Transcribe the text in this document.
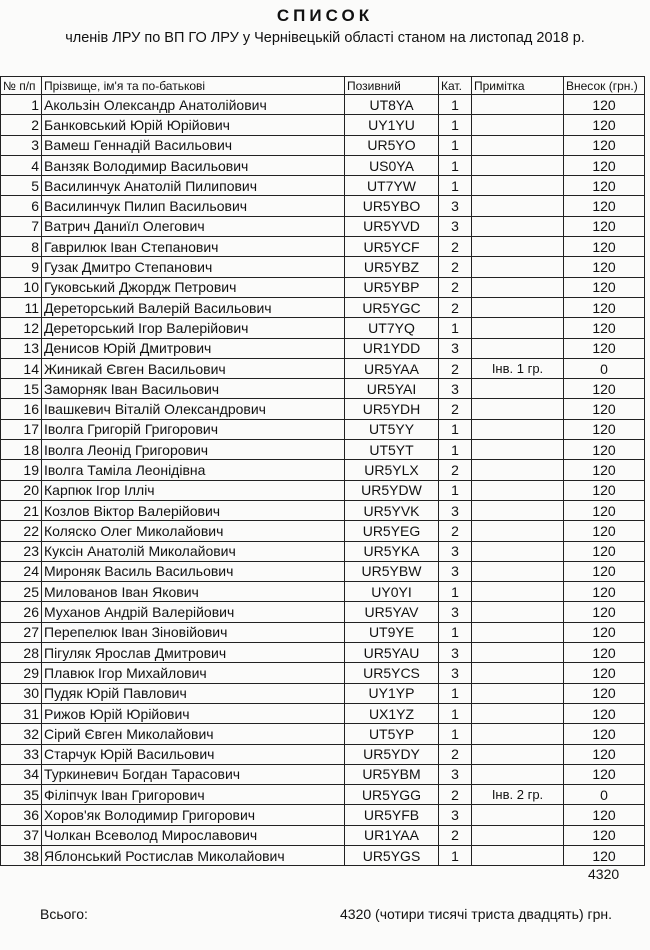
СПИСОК
членів ЛРУ по ВП ГО ЛРУ у Чернівецькій області станом на листопад 2018 р.
№ п/п	Прізвище, ім'я та по-батькові	Позивний	Кат.	Примітка	Внесок (грн.)
1	Акользін Олександр Анатолійович	UT8YA	1		120
2	Банковський Юрій Юрійович	UY1YU	1		120
3	Вамеш Геннадій Васильович	UR5YO	1		120
4	Ванзяк Володимир Васильович	US0YA	1		120
5	Василинчук Анатолій Пилипович	UT7YW	1		120
6	Василинчук Пилип Васильович	UR5YBO	3		120
7	Ватрич Даниїл Олегович	UR5YVD	3		120
8	Гаврилюк Іван Степанович	UR5YCF	2		120
9	Гузак Дмитро Степанович	UR5YBZ	2		120
10	Гуковський Джордж Петрович	UR5YBP	2		120
11	Дереторський Валерій Васильович	UR5YGC	2		120
12	Дереторський Ігор Валерійович	UT7YQ	1		120
13	Денисов Юрій Дмитрович	UR1YDD	3		120
14	Жиникай Євген Васильович	UR5YAA	2	Інв. 1 гр.	0
15	Заморняк Іван Васильович	UR5YAI	3		120
16	Івашкевич Віталій Олександрович	UR5YDH	2		120
17	Іволга Григорій Григорович	UT5YY	1		120
18	Іволга Леонід Григорович	UT5YT	1		120
19	Іволга Таміла Леонідівна	UR5YLX	2		120
20	Карпюк Ігор Ілліч	UR5YDW	1		120
21	Козлов Віктор Валерійович	UR5YVK	3		120
22	Коляско Олег Миколайович	UR5YEG	2		120
23	Куксін Анатолій Миколайович	UR5YKA	3		120
24	Мироняк Василь Васильович	UR5YBW	3		120
25	Милованов Іван Якович	UY0YI	1		120
26	Муханов Андрій Валерійович	UR5YAV	3		120
27	Перепелюк Іван Зіновійович	UT9YE	1		120
28	Пігуляк Ярослав Дмитрович	UR5YAU	3		120
29	Плавюк Ігор Михайлович	UR5YCS	3		120
30	Пудяк Юрій Павлович	UY1YP	1		120
31	Рижов Юрій Юрійович	UX1YZ	1		120
32	Сірий Євген Миколайович	UT5YP	1		120
33	Старчук Юрій Васильович	UR5YDY	2		120
34	Туркиневич Богдан Тарасович	UR5YBM	3		120
35	Філіпчук Іван Григорович	UR5YGG	2	Інв. 2 гр.	0
36	Хоров'як Володимир Григорович	UR5YFB	3		120
37	Чолкан Всеволод Мирославович	UR1YAA	2		120
38	Яблонський Ростислав Миколайович	UR5YGS	1		120
4320
Всього:	4320 (чотири тисячі триста двадцять) грн.
